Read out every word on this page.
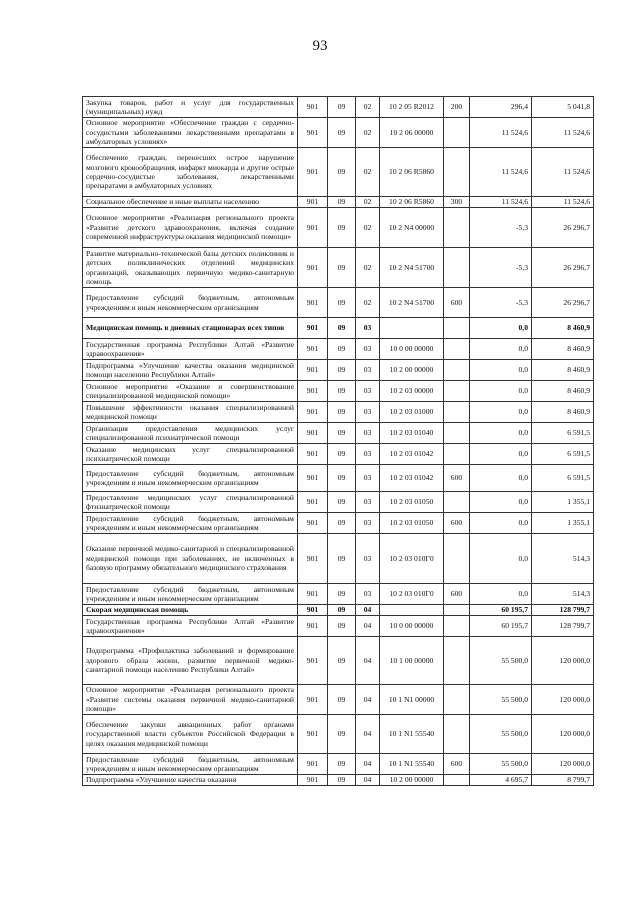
93
Закупка товаров, работ и услуг для государственных (муниципальных) нужд	901	09	02	10 2 05 R2012	200	296,4	5 041,8
Основное мероприятие «Обеспечение граждан с сердечно-сосудистыми заболеваниями лекарственными препаратами в амбулаторных условиях»	901	09	02	10 2 06 00000		11 524,6	11 524,6
Обеспечение граждан, перенесших острое нарушение мозгового кровообращения, инфаркт миокарда и другие острые сердечно-сосудистые заболевания, лекарственными препаратами в амбулаторных условиях	901	09	02	10 2 06 R5860		11 524,6	11 524,6
Социальное обеспечение и иные выплаты населению	901	09	02	10 2 06 R5860	300	11 524,6	11 524,6
Основное мероприятие «Реализация регионального проекта «Развитие детского здравоохранения, включая создание современной инфраструктуры оказания медицинской помощи»	901	09	02	10 2 N4 00000		-5,3	26 296,7
Развитие материально-технической базы детских поликлиник и детских поликлинических отделений медицинских организаций, оказывающих первичную медико-санитарную помощь	901	09	02	10 2 N4 51700		-5,3	26 296,7
Предоставление субсидий бюджетным, автономным учреждениям и иным некоммерческим организациям	901	09	02	10 2 N4 51700	600	-5,3	26 296,7
Медицинская помощь в дневных стационарах всех типов	901	09	03			0,0	8 460,9
Государственная программа Республики Алтай «Развитие здравоохранения»	901	09	03	10 0 00 00000		0,0	8 460,9
Подпрограмма «Улучшение качества оказания медицинской помощи населению Республики Алтай»	901	09	03	10 2 00 00000		0,0	8 460,9
Основное мероприятие «Оказание и совершенствование специализированной медицинской помощи»	901	09	03	10 2 03 00000		0,0	8 460,9
Повышение эффективности оказания специализированной медицинской помощи	901	09	03	10 2 03 01000		0,0	8 460,9
Организация предоставления медицинских услуг специализированной психиатрической помощи	901	09	03	10 2 03 01040		0,0	6 591,5
Оказание медицинских услуг специализированной психиатрической помощи	901	09	03	10 2 03 01042		0,0	6 591,5
Предоставление субсидий бюджетным, автономным учреждениям и иным некоммерческим организациям	901	09	03	10 2 03 01042	600	0,0	6 591,5
Предоставление медицинских услуг специализированной фтизиатрической помощи	901	09	03	10 2 03 01050		0,0	1 355,1
Предоставление субсидий бюджетным, автономным учреждениям и иным некоммерческим организациям	901	09	03	10 2 03 01050	600	0,0	1 355,1
Оказание первичной медико-санитарной и специализированной медицинской помощи при заболеваниях, не включенных в базовую программу обязательного медицинского страхования	901	09	03	10 2 03 010Г0		0,0	514,3
Предоставление субсидий бюджетным, автономным учреждениям и иным некоммерческим организациям	901	09	03	10 2 03 010Г0	600	0,0	514,3
Скорая медицинская помощь	901	09	04			60 195,7	128 799,7
Государственная программа Республики Алтай «Развитие здравоохранения»	901	09	04	10 0 00 00000		60 195,7	128 799,7
Подпрограмма «Профилактика заболеваний и формирование здорового образа жизни, развитие первичной медико-санитарной помощи населению Республики Алтай»	901	09	04	10 1 00 00000		55 500,0	120 000,0
Основное мероприятие «Реализация регионального проекта «Развитие системы оказания первичной медико-санитарной помощи»	901	09	04	10 1 N1 00000		55 500,0	120 000,0
Обеспечение закупки авиационных работ органами государственной власти субъектов Российской Федерации в целях оказания медицинской помощи	901	09	04	10 1 N1 55540		55 500,0	120 000,0
Предоставление субсидий бюджетным, автономным учреждениям и иным некоммерческим организациям	901	09	04	10 1 N1 55540	600	55 500,0	120 000,0
Подпрограмма «Улучшение качества оказания	901	09	04	10 2 00 00000		4 695,7	8 799,7
